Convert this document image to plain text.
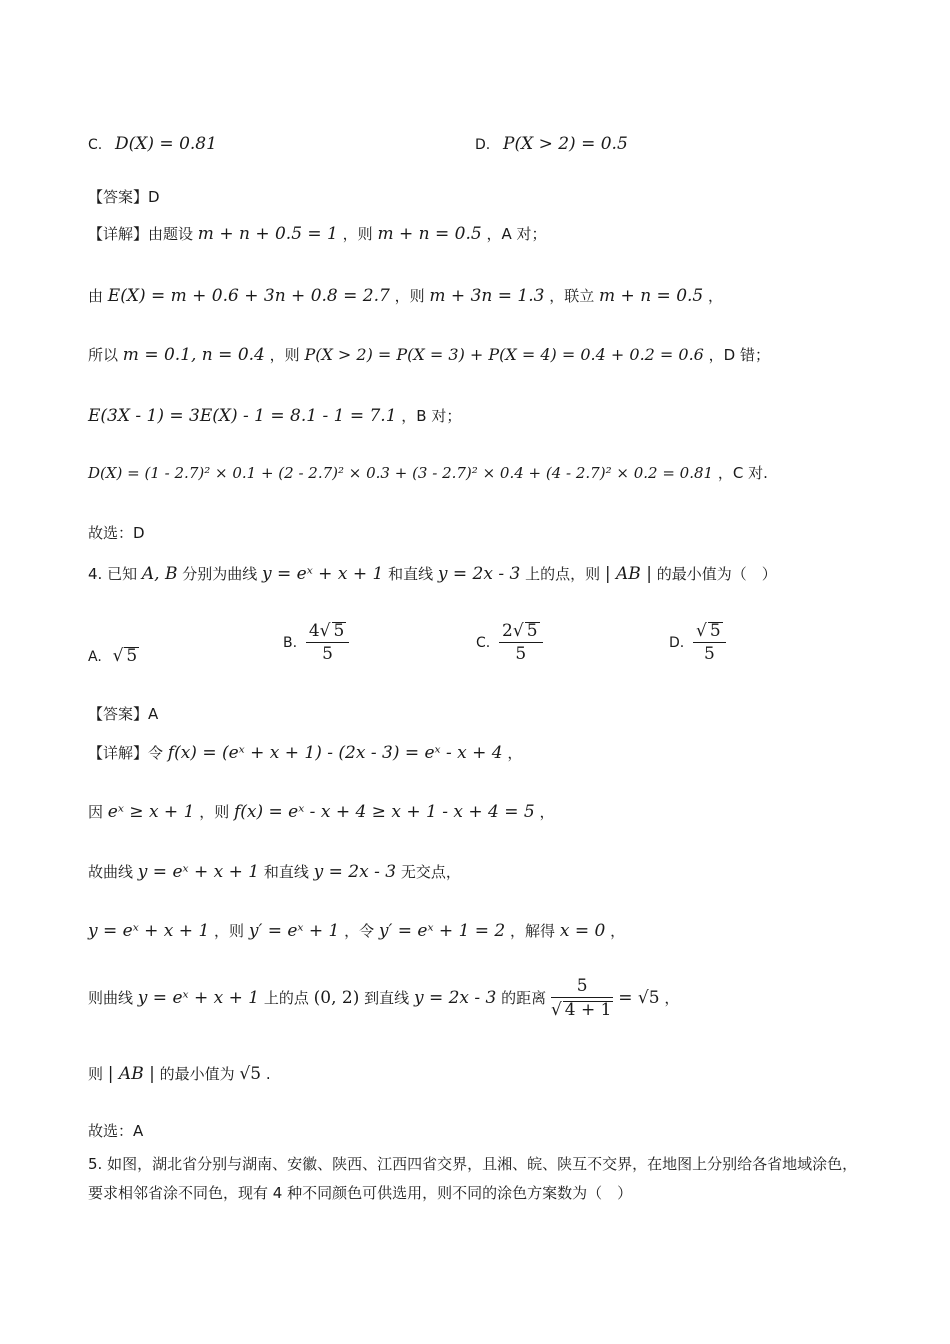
C. D(X) = 0.81	D. P(X > 2) = 0.5
【答案】D
【详解】由题设 m + n + 0.5 = 1 ，则 m + n = 0.5 ，A 对；
由 E(X) = m + 0.6 + 3n + 0.8 = 2.7 ，则 m + 3n = 1.3 ，联立 m + n = 0.5 ，
所以 m = 0.1, n = 0.4 ，则 P(X > 2) = P(X = 3) + P(X = 4) = 0.4 + 0.2 = 0.6 ，D 错；
E(3X - 1) = 3E(X) - 1 = 8.1 - 1 = 7.1 ，B 对；
D(X) = (1 - 2.7)² × 0.1 + (2 - 2.7)² × 0.3 + (3 - 2.7)² × 0.4 + (4 - 2.7)² × 0.2 = 0.81 ，C 对.
故选：D
4. 已知 A, B 分别为曲线 y = eˣ + x + 1 和直线 y = 2x - 3 上的点，则 | AB | 的最小值为（　）
A. √ 5
B. $\frac{4√ 5}{5}$	C. $\frac{2√ 5}{5}$	D. $\frac{√ 5}{5}$
【答案】A
【详解】令 f(x) = (eˣ + x + 1) - (2x - 3) = eˣ - x + 4 ，
因 eˣ ≥ x + 1 ，则 f(x) = eˣ - x + 4 ≥ x + 1 - x + 4 = 5 ，
故曲线 y = eˣ + x + 1 和直线 y = 2x - 3 无交点，
y = eˣ + x + 1 ，则 y′ = eˣ + 1 ，令 y′ = eˣ + 1 = 2 ，解得 x = 0 ，
则曲线 y = eˣ + x + 1 上的点 (0, 2) 到直线 y = 2x - 3 的距离 $\frac{5}{√ 4 + 1} = √5$ ，
则 | AB | 的最小值为 √5 .
故选：A
5. 如图，湖北省分别与湖南、安徽、陕西、江西四省交界，且湘、皖、陕互不交界，在地图上分别给各省地域涂色，要求相邻省涂不同色，现有 4 种不同颜色可供选用，则不同的涂色方案数为（　）
